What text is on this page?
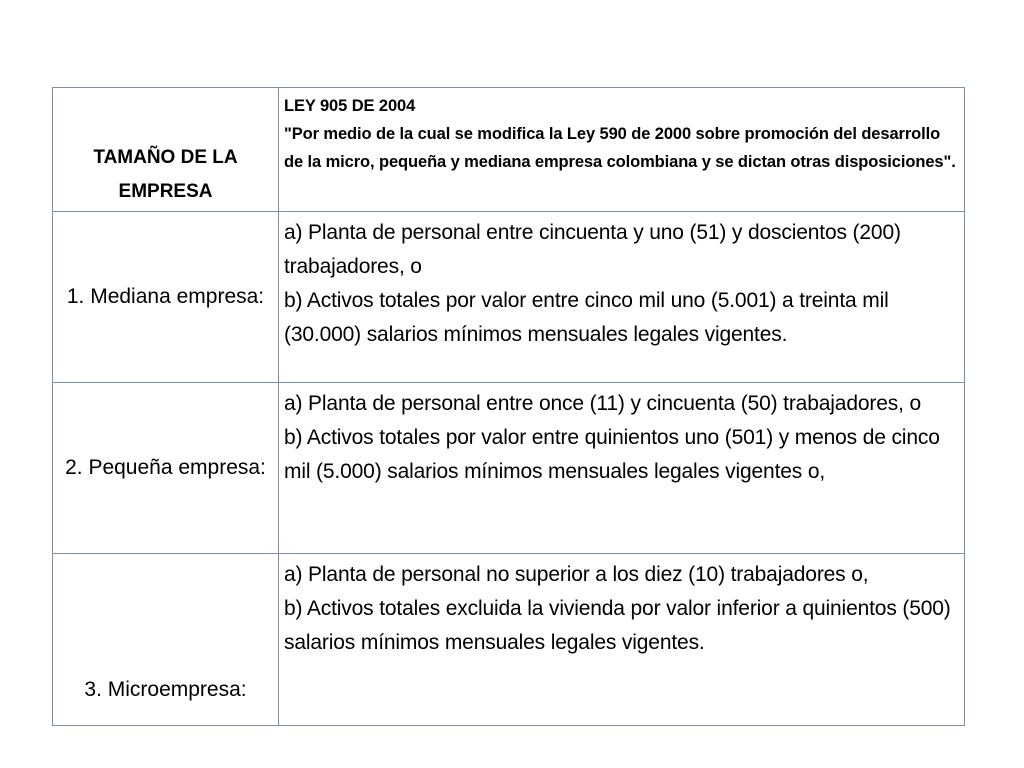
TAMAÑO DE LA EMPRESA	LEY 905 DE 2004
"Por medio de la cual se modifica la Ley 590 de 2000 sobre promoción del desarrollo de la micro, pequeña y mediana empresa colombiana y se dictan otras disposiciones".

1. Mediana empresa:	a) Planta de personal entre cincuenta y uno (51) y doscientos (200) trabajadores, o
b) Activos totales por valor entre cinco mil uno (5.001) a treinta mil (30.000) salarios mínimos mensuales legales vigentes.

2. Pequeña empresa:	a) Planta de personal entre once (11) y cincuenta (50) trabajadores, o
b) Activos totales por valor entre quinientos uno (501) y menos de cinco mil (5.000) salarios mínimos mensuales legales vigentes o,

3. Microempresa:	a) Planta de personal no superior a los diez (10) trabajadores o,
b) Activos totales excluida la vivienda por valor inferior a quinientos (500) salarios mínimos mensuales legales vigentes.
